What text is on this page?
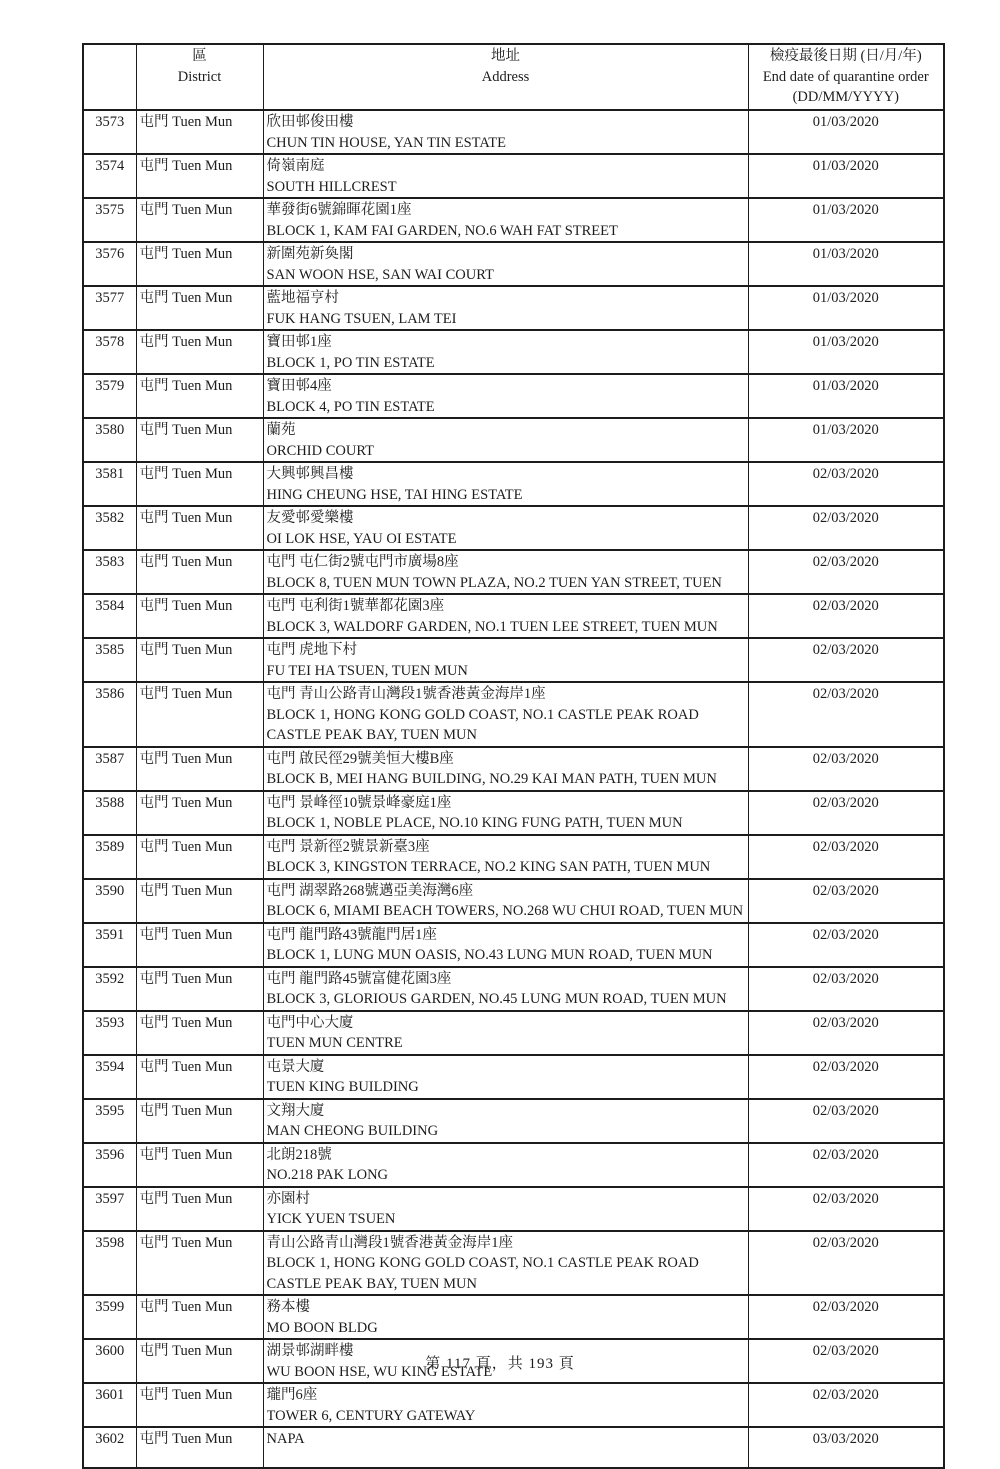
	區
District	地址
Address	檢疫最後日期 (日/月/年)
End date of quarantine order
(DD/MM/YYYY)

3573	屯門 Tuen Mun	欣田邨俊田樓
CHUN TIN HOUSE, YAN TIN ESTATE	01/03/2020
3574	屯門 Tuen Mun	倚嶺南庭
SOUTH HILLCREST	01/03/2020
3575	屯門 Tuen Mun	華發街6號錦暉花園1座
BLOCK 1, KAM FAI GARDEN, NO.6 WAH FAT STREET	01/03/2020
3576	屯門 Tuen Mun	新圍苑新奐閣
SAN WOON HSE, SAN WAI COURT	01/03/2020
3577	屯門 Tuen Mun	藍地福亨村
FUK HANG TSUEN, LAM TEI	01/03/2020
3578	屯門 Tuen Mun	寶田邨1座
BLOCK 1, PO TIN ESTATE	01/03/2020
3579	屯門 Tuen Mun	寶田邨4座
BLOCK 4, PO TIN ESTATE	01/03/2020
3580	屯門 Tuen Mun	蘭苑
ORCHID COURT	01/03/2020
3581	屯門 Tuen Mun	大興邨興昌樓
HING CHEUNG HSE, TAI HING ESTATE	02/03/2020
3582	屯門 Tuen Mun	友愛邨愛樂樓
OI LOK HSE, YAU OI ESTATE	02/03/2020
3583	屯門 Tuen Mun	屯門 屯仁街2號屯門市廣場8座
BLOCK 8, TUEN MUN TOWN PLAZA, NO.2 TUEN YAN STREET, TUEN	02/03/2020
3584	屯門 Tuen Mun	屯門 屯利街1號華都花園3座
BLOCK 3, WALDORF GARDEN, NO.1 TUEN LEE STREET, TUEN MUN	02/03/2020
3585	屯門 Tuen Mun	屯門 虎地下村
FU TEI HA TSUEN, TUEN MUN	02/03/2020
3586	屯門 Tuen Mun	屯門 青山公路青山灣段1號香港黃金海岸1座
BLOCK 1, HONG KONG GOLD COAST, NO.1 CASTLE PEAK ROAD
CASTLE PEAK BAY, TUEN MUN	02/03/2020
3587	屯門 Tuen Mun	屯門 啟民徑29號美恒大樓B座
BLOCK B, MEI HANG BUILDING, NO.29 KAI MAN PATH, TUEN MUN	02/03/2020
3588	屯門 Tuen Mun	屯門 景峰徑10號景峰豪庭1座
BLOCK 1, NOBLE PLACE, NO.10 KING FUNG PATH, TUEN MUN	02/03/2020
3589	屯門 Tuen Mun	屯門 景新徑2號景新臺3座
BLOCK 3, KINGSTON TERRACE, NO.2 KING SAN PATH, TUEN MUN	02/03/2020
3590	屯門 Tuen Mun	屯門 湖翠路268號邁亞美海灣6座
BLOCK 6, MIAMI BEACH TOWERS, NO.268 WU CHUI ROAD, TUEN MUN	02/03/2020
3591	屯門 Tuen Mun	屯門 龍門路43號龍門居1座
BLOCK 1, LUNG MUN OASIS, NO.43 LUNG MUN ROAD, TUEN MUN	02/03/2020
3592	屯門 Tuen Mun	屯門 龍門路45號富健花園3座
BLOCK 3, GLORIOUS GARDEN, NO.45 LUNG MUN ROAD, TUEN MUN	02/03/2020
3593	屯門 Tuen Mun	屯門中心大廈
TUEN MUN CENTRE	02/03/2020
3594	屯門 Tuen Mun	屯景大廈
TUEN KING BUILDING	02/03/2020
3595	屯門 Tuen Mun	文翔大廈
MAN CHEONG BUILDING	02/03/2020
3596	屯門 Tuen Mun	北朗218號
NO.218 PAK LONG	02/03/2020
3597	屯門 Tuen Mun	亦園村
YICK YUEN TSUEN	02/03/2020
3598	屯門 Tuen Mun	青山公路青山灣段1號香港黃金海岸1座
BLOCK 1, HONG KONG GOLD COAST, NO.1 CASTLE PEAK ROAD
CASTLE PEAK BAY, TUEN MUN	02/03/2020
3599	屯門 Tuen Mun	務本樓
MO BOON BLDG	02/03/2020
3600	屯門 Tuen Mun	湖景邨湖畔樓
WU BOON HSE, WU KING ESTATE	02/03/2020
3601	屯門 Tuen Mun	瓏門6座
TOWER 6, CENTURY GATEWAY	02/03/2020
3602	屯門 Tuen Mun	NAPA	03/03/2020
第 117 頁，共 193 頁
